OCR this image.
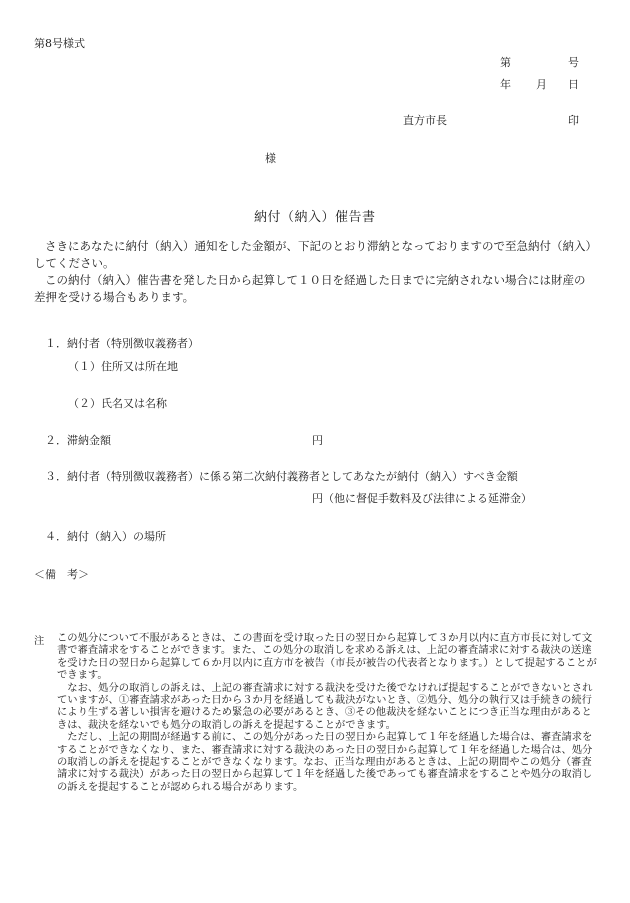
第8号様式
第	号
年 月 日
直方市長	印
様
納付（納入）催告書
さきにあなたに納付（納入）通知をした金額が、下記のとおり滞納となっておりますので至急納付（納入）
してください。
この納付（納入）催告書を発した日から起算して１０日を経過した日までに完納されない場合には財産の
差押を受ける場合もあります。
１．納付者（特別徴収義務者）
（１）住所又は所在地
（２）氏名又は名称
２．滞納金額	円
３．納付者（特別徴収義務者）に係る第二次納付義務者としてあなたが納付（納入）すべき金額
円（他に督促手数料及び法律による延滞金）
４．納付（納入）の場所
＜備　考＞
注 この処分について不服があるときは、この書面を受け取った日の翌日から起算して３か月以内に直方市長に対して文書で審査請求をすることができます。また、この処分の取消しを求める訴えは、上記の審査請求に対する裁決の送達を受けた日の翌日から起算して６か月以内に直方市を被告（市長が被告の代表者となります。）として提起することができます。

なお、処分の取消しの訴えは、上記の審査請求に対する裁決を受けた後でなければ提起することができないとされていますが、①審査請求があった日から３か月を経過しても裁決がないとき、②処分、処分の執行又は手続きの続行により生ずる著しい損害を避けるため緊急の必要があるとき、③その他裁決を経ないことにつき正当な理由があるときは、裁決を経ないでも処分の取消しの訴えを提起することができます。

ただし、上記の期間が経過する前に、この処分があった日の翌日から起算して１年を経過した場合は、審査請求をすることができなくなり、また、審査請求に対する裁決のあった日の翌日から起算して１年を経過した場合は、処分の取消しの訴えを提起することができなくなります。なお、正当な理由があるときは、上記の期間やこの処分（審査請求に対する裁決）があった日の翌日から起算して１年を経過した後であっても審査請求をすることや処分の取消しの訴えを提起することが認められる場合があります。
